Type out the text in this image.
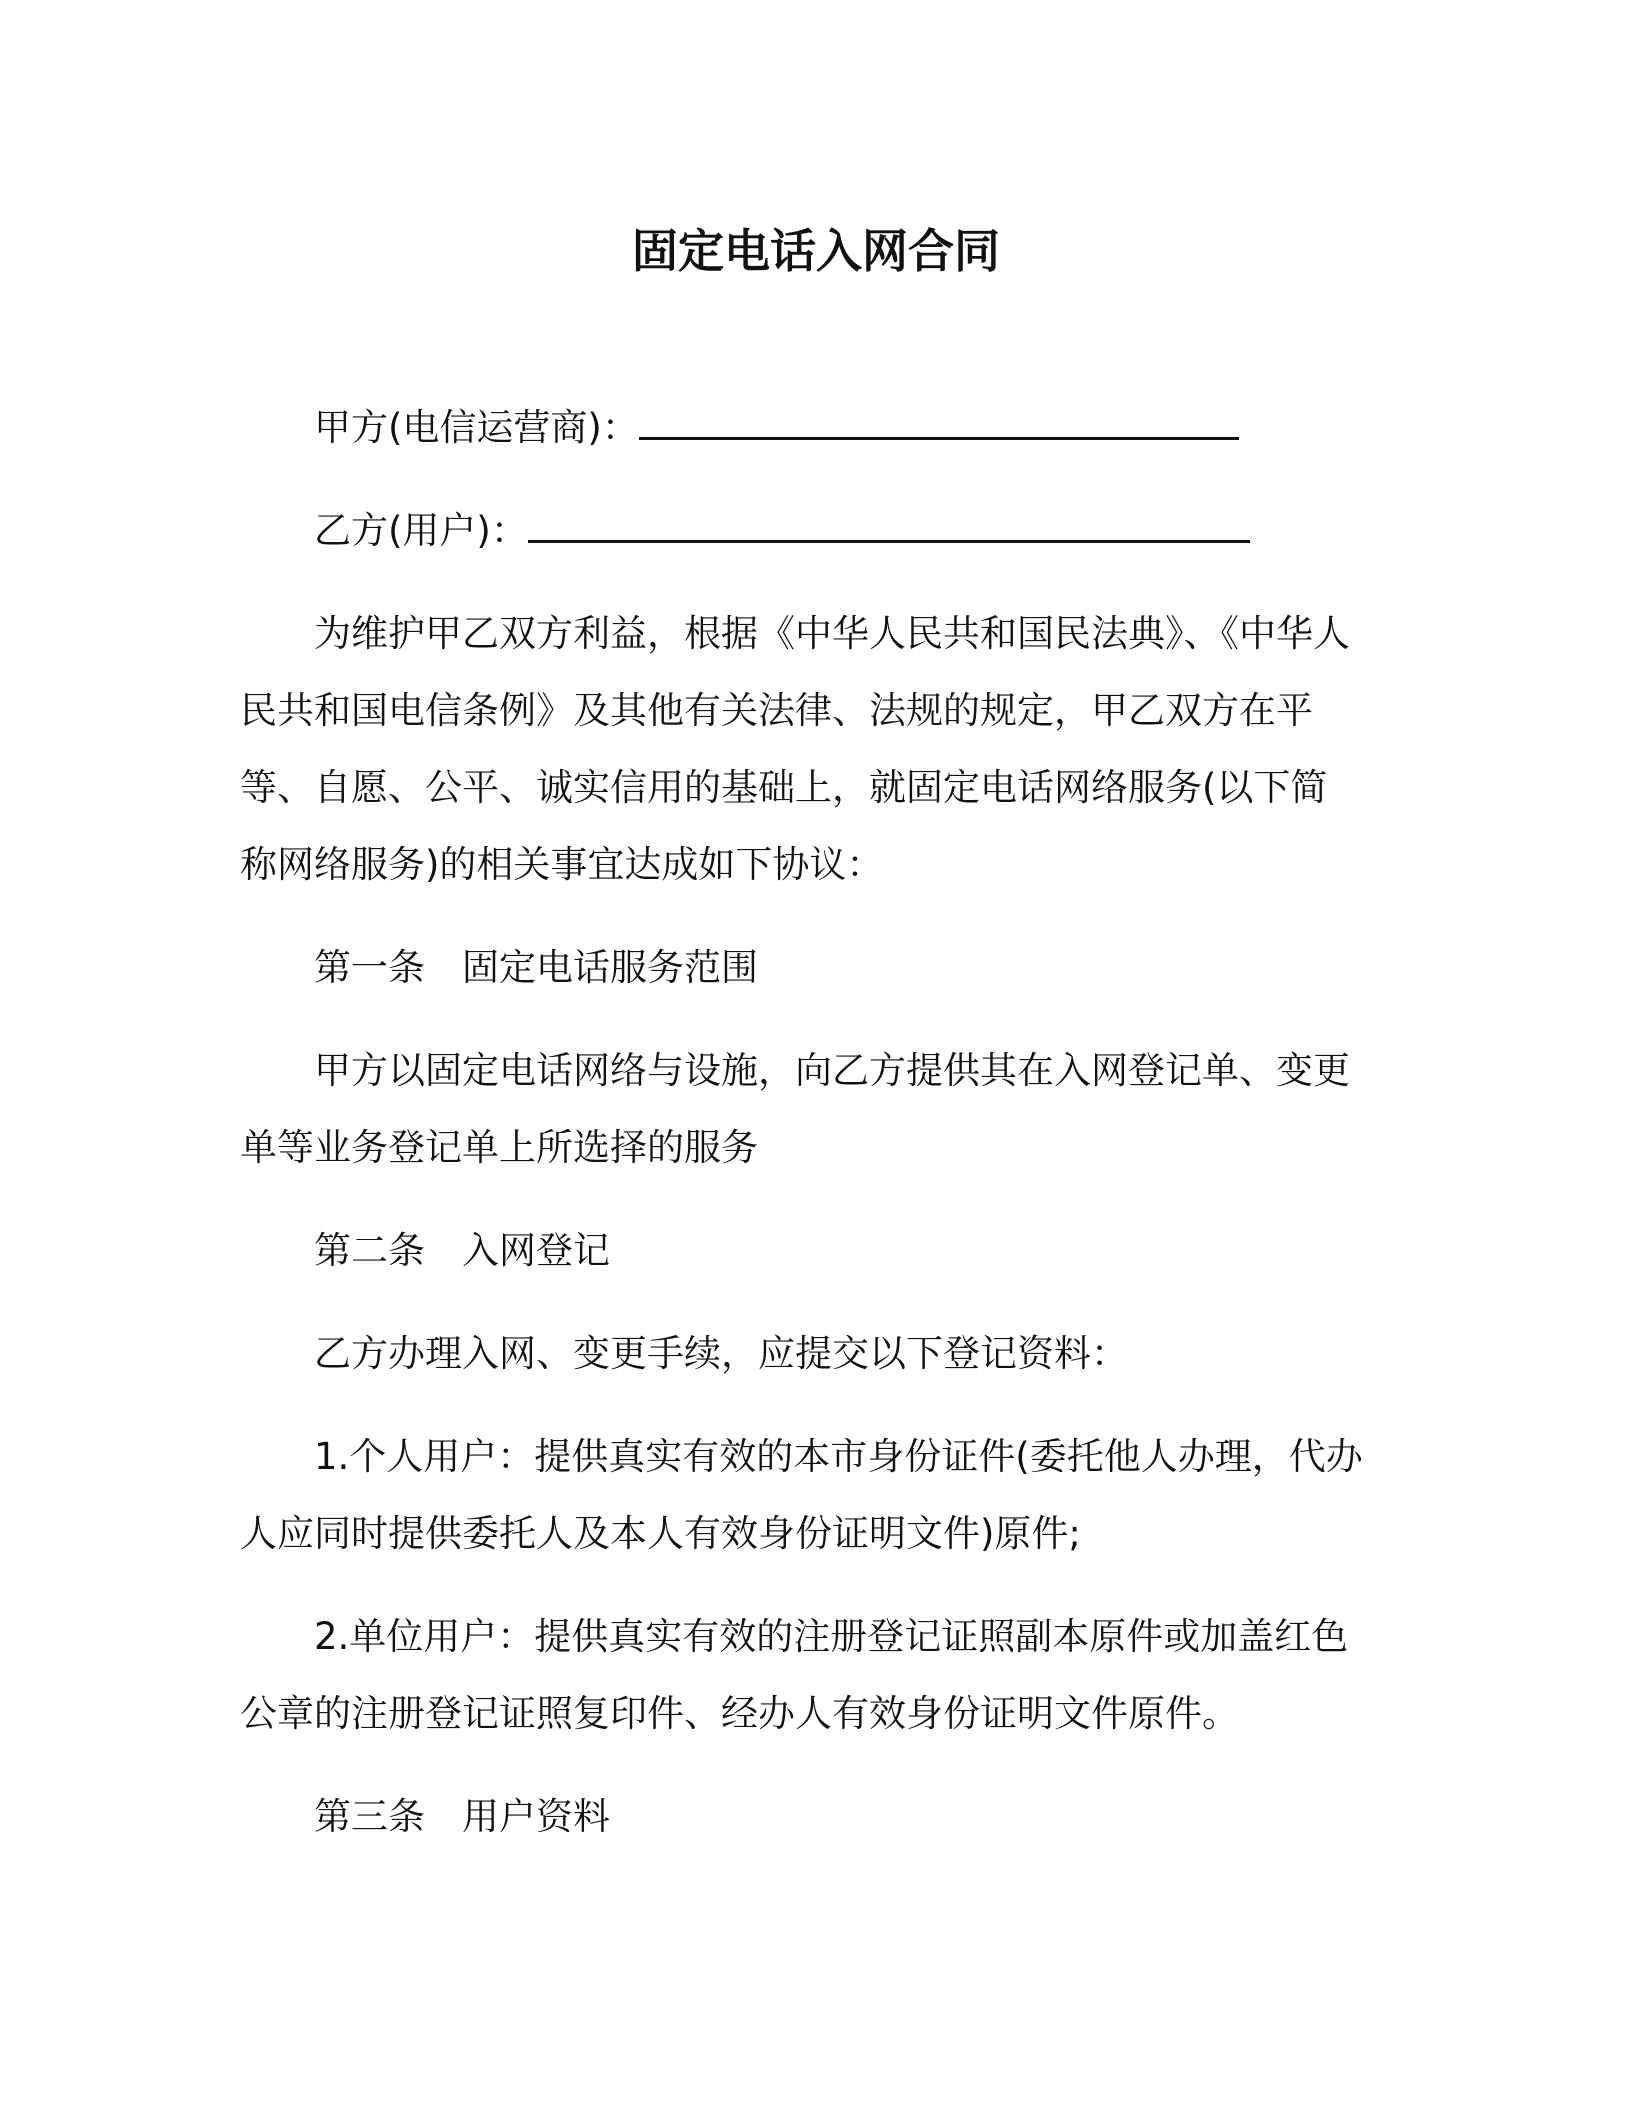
固定电话入网合同

甲方(电信运营商)：

乙方(用户)：

为维护甲乙双方利益，根据《中华人民共和国民法典》、《中华人民共和国电信条例》及其他有关法律、法规的规定，甲乙双方在平等、自愿、公平、诚实信用的基础上，就固定电话网络服务(以下简称网络服务)的相关事宜达成如下协议：

第一条 固定电话服务范围

甲方以固定电话网络与设施，向乙方提供其在入网登记单、变更单等业务登记单上所选择的服务

第二条 入网登记

乙方办理入网、变更手续，应提交以下登记资料：

1.个人用户：提供真实有效的本市身份证件(委托他人办理，代办人应同时提供委托人及本人有效身份证明文件)原件;

2.单位用户：提供真实有效的注册登记证照副本原件或加盖红色公章的注册登记证照复印件、经办人有效身份证明文件原件。

第三条 用户资料
